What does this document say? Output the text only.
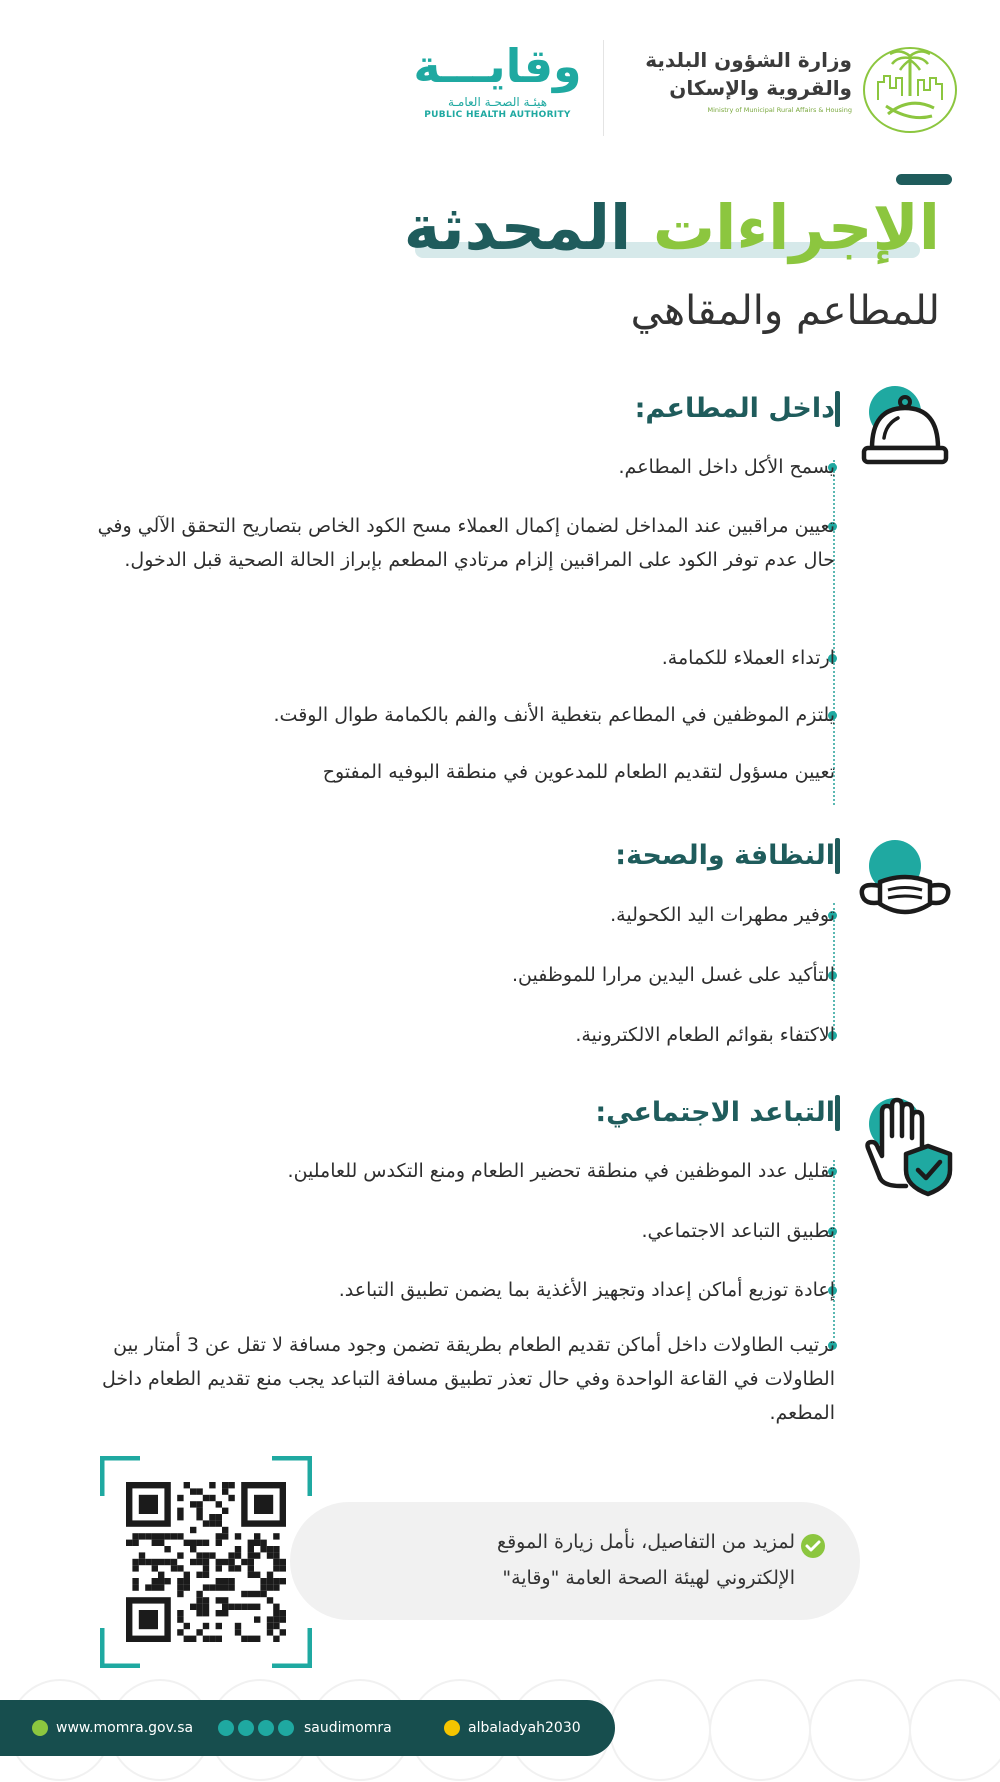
وزارة الشؤون البلدية
والقروية والإسكان
Ministry of Municipal Rural Affairs & Housing
وقايـــة
هيئـة الصحـة العامـة
PUBLIC HEALTH AUTHORITY
الإجراءات المحدثة
للمطاعم والمقاهي
داخل المطاعم:
يسمح الأكل داخل المطاعم.
تعيين مراقبين عند المداخل لضمان إكمال العملاء مسح الكود الخاص بتصاريح التحقق الآلي وفي حال عدم توفر الكود على المراقبين إلزام مرتادي المطعم بإبراز الحالة الصحية قبل الدخول.
ارتداء العملاء للكمامة.
يلتزم الموظفين في المطاعم بتغطية الأنف والفم بالكمامة طوال الوقت.
تعيين مسؤول لتقديم الطعام للمدعوين في منطقة البوفيه المفتوح
النظافة والصحة:
توفير مطهرات اليد الكحولية.
التأكيد على غسل اليدين مرارا للموظفين.
الاكتفاء بقوائم الطعام الالكترونية.
التباعد الاجتماعي:
تقليل عدد الموظفين في منطقة تحضير الطعام ومنع التكدس للعاملين.
تطبيق التباعد الاجتماعي.
إعادة توزيع أماكن إعداد وتجهيز الأغذية بما يضمن تطبيق التباعد.
ترتيب الطاولات داخل أماكن تقديم الطعام بطريقة تضمن وجود مسافة لا تقل عن 3 أمتار بين الطاولات في القاعة الواحدة وفي حال تعذر تطبيق مسافة التباعد يجب منع تقديم الطعام داخل المطعم.
لمزيد من التفاصيل، نأمل زيارة الموقع
الإلكتروني لهيئة الصحة العامة "وقاية"
www.momra.gov.sa	saudimomra	albaladyah2030
